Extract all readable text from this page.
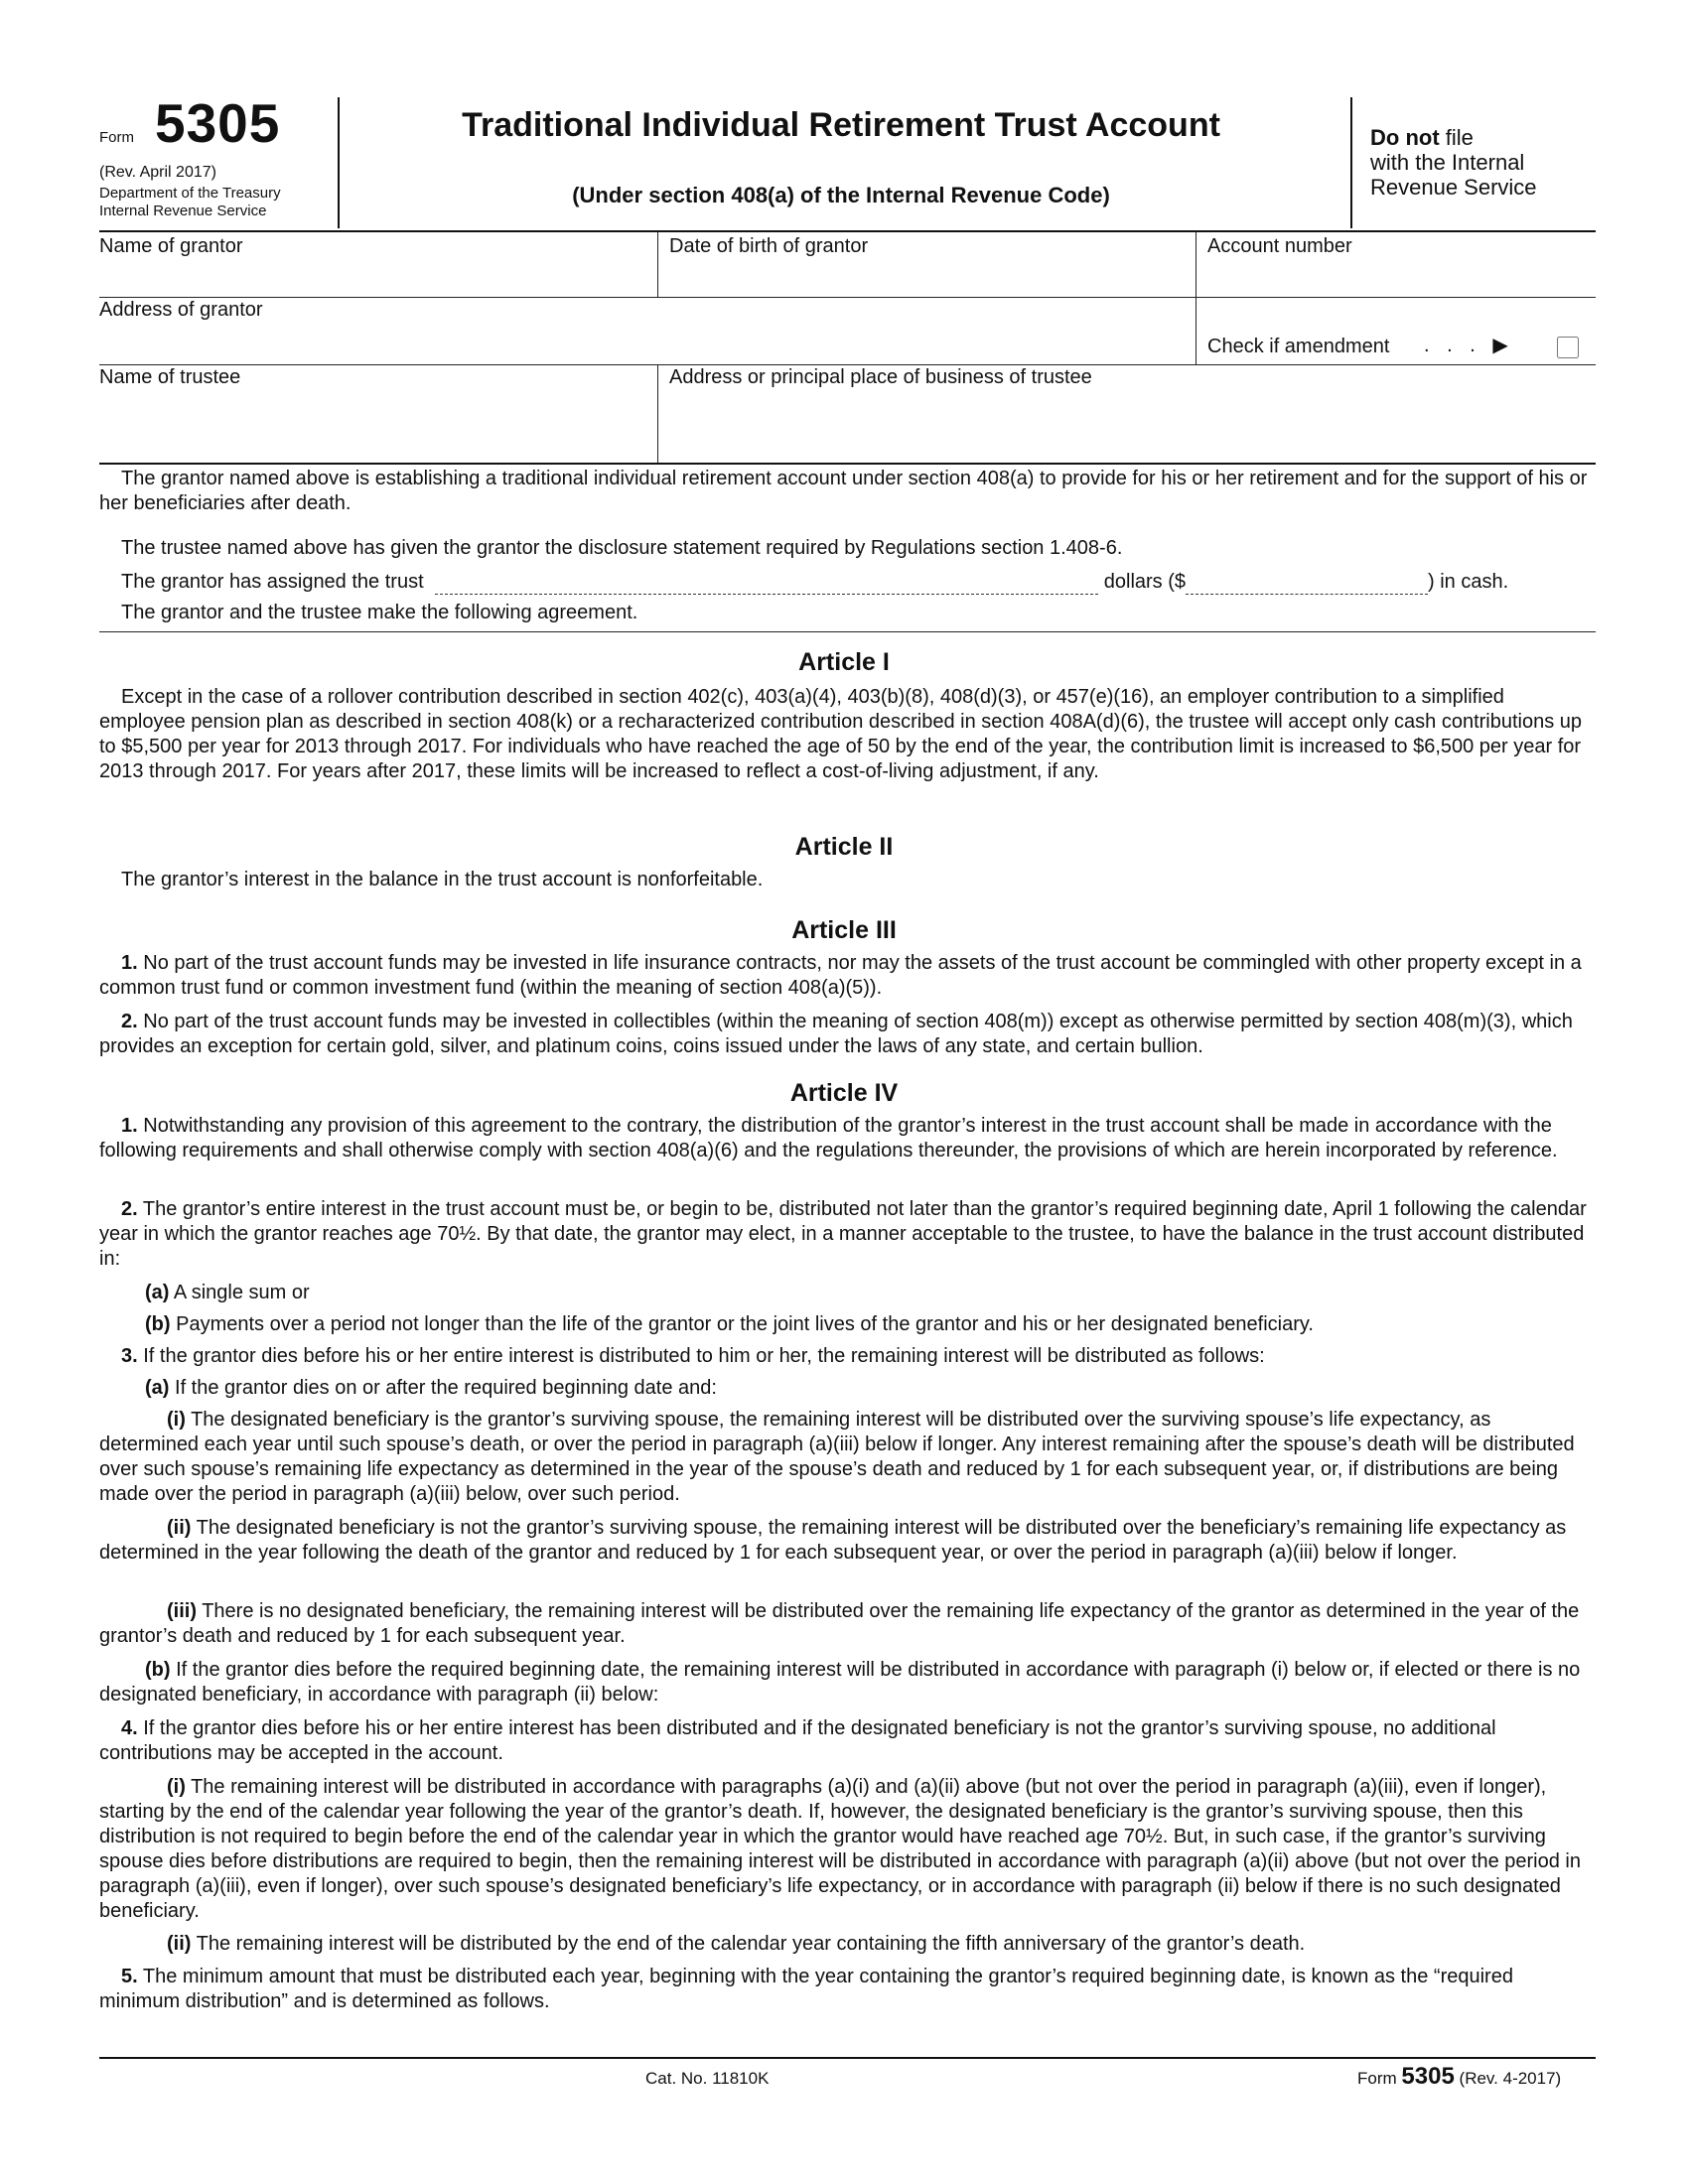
Form 5305
(Rev. April 2017)
Department of the Treasury
Internal Revenue Service
Traditional Individual Retirement Trust Account
(Under section 408(a) of the Internal Revenue Code)
Do not file
with the Internal
Revenue Service
Name of grantor	Date of birth of grantor	Account number
Address of grantor
Check if amendment . . . ▶
Name of trustee	Address or principal place of business of trustee

The grantor named above is establishing a traditional individual retirement account under section 408(a) to provide for his or her retirement and for the support of his or her beneficiaries after death.

The trustee named above has given the grantor the disclosure statement required by Regulations section 1.408-6.

The grantor has assigned the trust	dollars ($	) in cash.

The grantor and the trustee make the following agreement.

Article I

Except in the case of a rollover contribution described in section 402(c), 403(a)(4), 403(b)(8), 408(d)(3), or 457(e)(16), an employer contribution to a simplified employee pension plan as described in section 408(k) or a recharacterized contribution described in section 408A(d)(6), the trustee will accept only cash contributions up to $5,500 per year for 2013 through 2017. For individuals who have reached the age of 50 by the end of the year, the contribution limit is increased to $6,500 per year for 2013 through 2017. For years after 2017, these limits will be increased to reflect a cost-of-living adjustment, if any.

Article II

The grantor’s interest in the balance in the trust account is nonforfeitable.

Article III

1. No part of the trust account funds may be invested in life insurance contracts, nor may the assets of the trust account be commingled with other property except in a common trust fund or common investment fund (within the meaning of section 408(a)(5)).

2. No part of the trust account funds may be invested in collectibles (within the meaning of section 408(m)) except as otherwise permitted by section 408(m)(3), which provides an exception for certain gold, silver, and platinum coins, coins issued under the laws of any state, and certain bullion.

Article IV

1. Notwithstanding any provision of this agreement to the contrary, the distribution of the grantor’s interest in the trust account shall be made in accordance with the following requirements and shall otherwise comply with section 408(a)(6) and the regulations thereunder, the provisions of which are herein incorporated by reference.

2. The grantor’s entire interest in the trust account must be, or begin to be, distributed not later than the grantor’s required beginning date, April 1 following the calendar year in which the grantor reaches age 70½. By that date, the grantor may elect, in a manner acceptable to the trustee, to have the balance in the trust account distributed in:

(a) A single sum or

(b) Payments over a period not longer than the life of the grantor or the joint lives of the grantor and his or her designated beneficiary.

3. If the grantor dies before his or her entire interest is distributed to him or her, the remaining interest will be distributed as follows:

(a) If the grantor dies on or after the required beginning date and:

(i) The designated beneficiary is the grantor’s surviving spouse, the remaining interest will be distributed over the surviving spouse’s life expectancy, as determined each year until such spouse’s death, or over the period in paragraph (a)(iii) below if longer. Any interest remaining after the spouse’s death will be distributed over such spouse’s remaining life expectancy as determined in the year of the spouse’s death and reduced by 1 for each subsequent year, or, if distributions are being made over the period in paragraph (a)(iii) below, over such period.

(ii) The designated beneficiary is not the grantor’s surviving spouse, the remaining interest will be distributed over the beneficiary’s remaining life expectancy as determined in the year following the death of the grantor and reduced by 1 for each subsequent year, or over the period in paragraph (a)(iii) below if longer.

(iii) There is no designated beneficiary, the remaining interest will be distributed over the remaining life expectancy of the grantor as determined in the year of the grantor’s death and reduced by 1 for each subsequent year.

(b) If the grantor dies before the required beginning date, the remaining interest will be distributed in accordance with paragraph (i) below or, if elected or there is no designated beneficiary, in accordance with paragraph (ii) below:

4. If the grantor dies before his or her entire interest has been distributed and if the designated beneficiary is not the grantor’s surviving spouse, no additional contributions may be accepted in the account.

(i) The remaining interest will be distributed in accordance with paragraphs (a)(i) and (a)(ii) above (but not over the period in paragraph (a)(iii), even if longer), starting by the end of the calendar year following the year of the grantor’s death. If, however, the designated beneficiary is the grantor’s surviving spouse, then this distribution is not required to begin before the end of the calendar year in which the grantor would have reached age 70½. But, in such case, if the grantor’s surviving spouse dies before distributions are required to begin, then the remaining interest will be distributed in accordance with paragraph (a)(ii) above (but not over the period in paragraph (a)(iii), even if longer), over such spouse’s designated beneficiary’s life expectancy, or in accordance with paragraph (ii) below if there is no such designated beneficiary.

(ii) The remaining interest will be distributed by the end of the calendar year containing the fifth anniversary of the grantor’s death.

5. The minimum amount that must be distributed each year, beginning with the year containing the grantor’s required beginning date, is known as the “required minimum distribution” and is determined as follows.

Cat. No. 11810K	Form 5305 (Rev. 4-2017)
